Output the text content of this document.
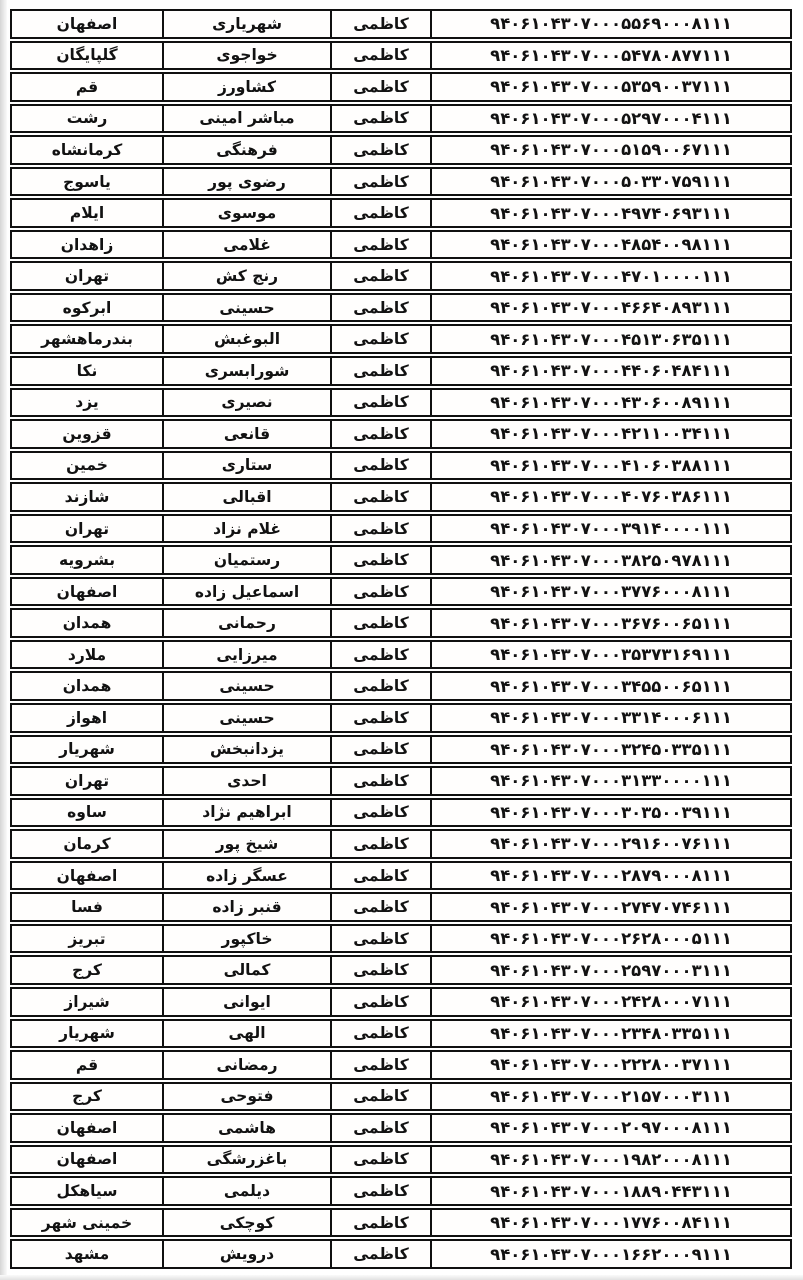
اصفهان	شهریاری	کاظمی	۹۴۰۶۱۰۴۳۰۷۰۰۰۵۵۶۹۰۰۰۸۱۱۱
گلپایگان	خواجوی	کاظمی	۹۴۰۶۱۰۴۳۰۷۰۰۰۵۴۷۸۰۸۷۷۱۱۱
قم	کشاورز	کاظمی	۹۴۰۶۱۰۴۳۰۷۰۰۰۵۳۵۹۰۰۳۷۱۱۱
رشت	مباشر امینی	کاظمی	۹۴۰۶۱۰۴۳۰۷۰۰۰۵۲۹۷۰۰۰۴۱۱۱
کرمانشاه	فرهنگی	کاظمی	۹۴۰۶۱۰۴۳۰۷۰۰۰۵۱۵۹۰۰۶۷۱۱۱
یاسوج	رضوی پور	کاظمی	۹۴۰۶۱۰۴۳۰۷۰۰۰۵۰۳۳۰۷۵۹۱۱۱
ایلام	موسوی	کاظمی	۹۴۰۶۱۰۴۳۰۷۰۰۰۴۹۷۴۰۶۹۳۱۱۱
زاهدان	غلامی	کاظمی	۹۴۰۶۱۰۴۳۰۷۰۰۰۴۸۵۴۰۰۹۸۱۱۱
تهران	رنج کش	کاظمی	۹۴۰۶۱۰۴۳۰۷۰۰۰۴۷۰۱۰۰۰۰۱۱۱
ابرکوه	حسینی	کاظمی	۹۴۰۶۱۰۴۳۰۷۰۰۰۴۶۶۴۰۸۹۳۱۱۱
بندرماهشهر	البوغبش	کاظمی	۹۴۰۶۱۰۴۳۰۷۰۰۰۴۵۱۳۰۶۳۵۱۱۱
نکا	شورابسری	کاظمی	۹۴۰۶۱۰۴۳۰۷۰۰۰۴۴۰۶۰۴۸۴۱۱۱
یزد	نصیری	کاظمی	۹۴۰۶۱۰۴۳۰۷۰۰۰۴۳۰۶۰۰۸۹۱۱۱
قزوین	قانعی	کاظمی	۹۴۰۶۱۰۴۳۰۷۰۰۰۴۲۱۱۰۰۳۴۱۱۱
خمین	ستاری	کاظمی	۹۴۰۶۱۰۴۳۰۷۰۰۰۴۱۰۶۰۳۸۸۱۱۱
شازند	اقبالی	کاظمی	۹۴۰۶۱۰۴۳۰۷۰۰۰۴۰۷۶۰۳۸۶۱۱۱
تهران	غلام نزاد	کاظمی	۹۴۰۶۱۰۴۳۰۷۰۰۰۳۹۱۴۰۰۰۰۱۱۱
بشرویه	رستمیان	کاظمی	۹۴۰۶۱۰۴۳۰۷۰۰۰۳۸۲۵۰۹۷۸۱۱۱
اصفهان	اسماعیل زاده	کاظمی	۹۴۰۶۱۰۴۳۰۷۰۰۰۳۷۷۶۰۰۰۸۱۱۱
همدان	رحمانی	کاظمی	۹۴۰۶۱۰۴۳۰۷۰۰۰۳۶۷۶۰۰۶۵۱۱۱
ملارد	میرزایی	کاظمی	۹۴۰۶۱۰۴۳۰۷۰۰۰۳۵۳۷۳۱۶۹۱۱۱
همدان	حسینی	کاظمی	۹۴۰۶۱۰۴۳۰۷۰۰۰۳۴۵۵۰۰۶۵۱۱۱
اهواز	حسینی	کاظمی	۹۴۰۶۱۰۴۳۰۷۰۰۰۳۳۱۴۰۰۰۶۱۱۱
شهریار	یزدانبخش	کاظمی	۹۴۰۶۱۰۴۳۰۷۰۰۰۳۲۴۵۰۳۳۵۱۱۱
تهران	احدی	کاظمی	۹۴۰۶۱۰۴۳۰۷۰۰۰۳۱۳۳۰۰۰۰۱۱۱
ساوه	ابراهیم نژاد	کاظمی	۹۴۰۶۱۰۴۳۰۷۰۰۰۳۰۳۵۰۰۳۹۱۱۱
کرمان	شیخ پور	کاظمی	۹۴۰۶۱۰۴۳۰۷۰۰۰۲۹۱۶۰۰۷۶۱۱۱
اصفهان	عسگر زاده	کاظمی	۹۴۰۶۱۰۴۳۰۷۰۰۰۲۸۷۹۰۰۰۸۱۱۱
فسا	قنبر زاده	کاظمی	۹۴۰۶۱۰۴۳۰۷۰۰۰۲۷۴۷۰۷۴۶۱۱۱
تبریز	خاکپور	کاظمی	۹۴۰۶۱۰۴۳۰۷۰۰۰۲۶۲۸۰۰۰۵۱۱۱
کرج	کمالی	کاظمی	۹۴۰۶۱۰۴۳۰۷۰۰۰۲۵۹۷۰۰۰۳۱۱۱
شیراز	ایوانی	کاظمی	۹۴۰۶۱۰۴۳۰۷۰۰۰۲۴۲۸۰۰۰۷۱۱۱
شهریار	الهی	کاظمی	۹۴۰۶۱۰۴۳۰۷۰۰۰۲۳۴۸۰۳۳۵۱۱۱
قم	رمضانی	کاظمی	۹۴۰۶۱۰۴۳۰۷۰۰۰۲۲۲۸۰۰۳۷۱۱۱
کرج	فتوحی	کاظمی	۹۴۰۶۱۰۴۳۰۷۰۰۰۲۱۵۷۰۰۰۳۱۱۱
اصفهان	هاشمی	کاظمی	۹۴۰۶۱۰۴۳۰۷۰۰۰۲۰۹۷۰۰۰۸۱۱۱
اصفهان	باغزرشگی	کاظمی	۹۴۰۶۱۰۴۳۰۷۰۰۰۱۹۸۲۰۰۰۸۱۱۱
سیاهکل	دیلمی	کاظمی	۹۴۰۶۱۰۴۳۰۷۰۰۰۱۸۸۹۰۴۴۳۱۱۱
خمینی شهر	کوچکی	کاظمی	۹۴۰۶۱۰۴۳۰۷۰۰۰۱۷۷۶۰۰۸۴۱۱۱
مشهد	درویش	کاظمی	۹۴۰۶۱۰۴۳۰۷۰۰۰۱۶۶۲۰۰۰۹۱۱۱
